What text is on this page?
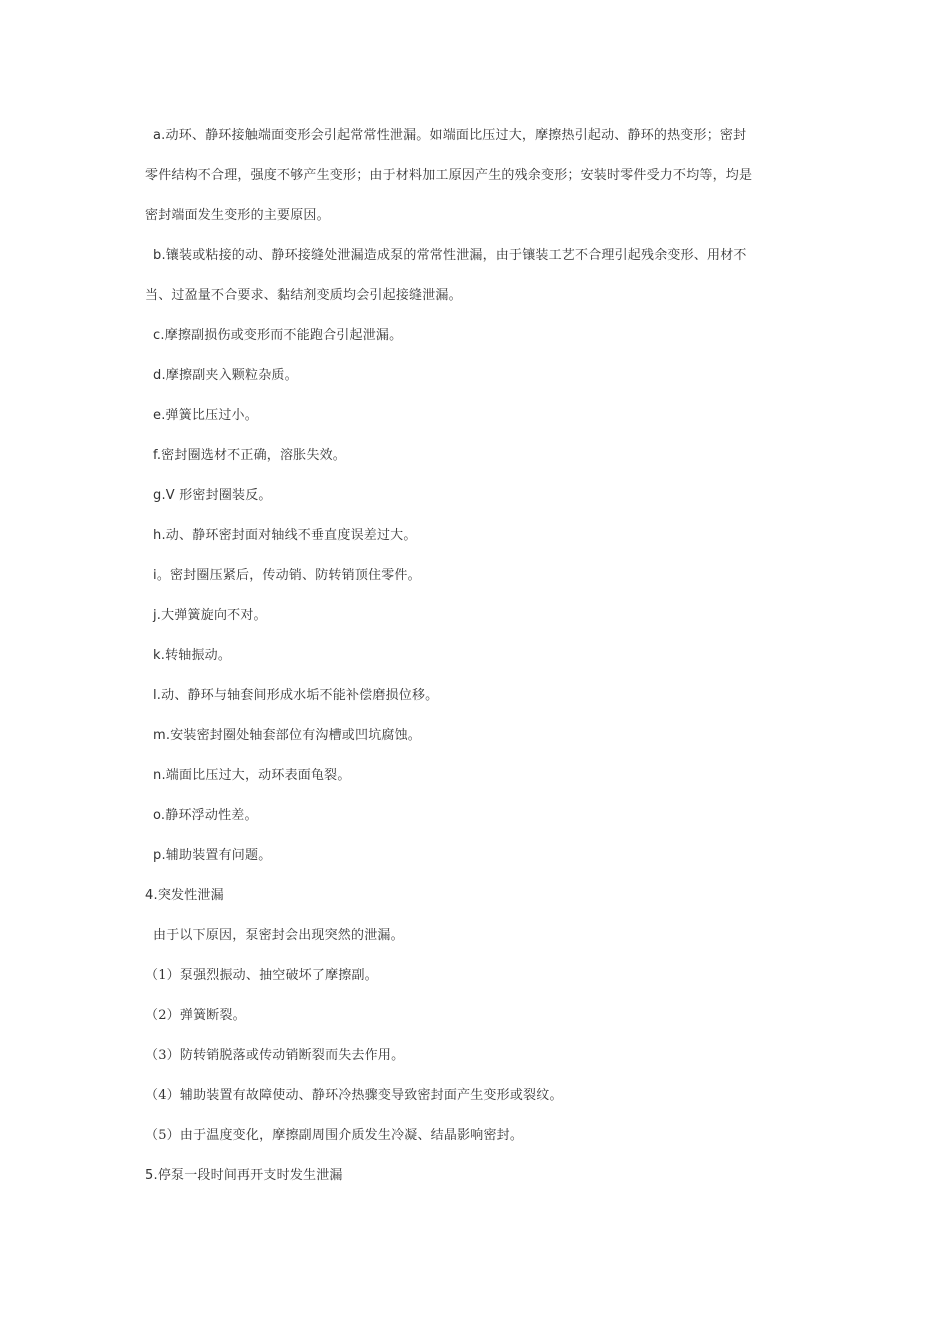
a.动环、静环接触端面变形会引起常常性泄漏。如端面比压过大，摩擦热引起动、静环的热变形；密封
零件结构不合理，强度不够产生变形；由于材料加工原因产生的残余变形；安装时零件受力不均等，均是
密封端面发生变形的主要原因。
b.镶装或粘接的动、静环接缝处泄漏造成泵的常常性泄漏，由于镶装工艺不合理引起残余变形、用材不
当、过盈量不合要求、黏结剂变质均会引起接缝泄漏。
c.摩擦副损伤或变形而不能跑合引起泄漏。
d.摩擦副夹入颗粒杂质。
e.弹簧比压过小。
f.密封圈选材不正确，溶胀失效。
g.V 形密封圈装反。
h.动、静环密封面对轴线不垂直度误差过大。
i。密封圈压紧后，传动销、防转销顶住零件。
j.大弹簧旋向不对。
k.转轴振动。
l.动、静环与轴套间形成水垢不能补偿磨损位移。
m.安装密封圈处轴套部位有沟槽或凹坑腐蚀。
n.端面比压过大，动环表面龟裂。
o.静环浮动性差。
p.辅助装置有问题。
4.突发性泄漏
由于以下原因，泵密封会出现突然的泄漏。
（1）泵强烈振动、抽空破坏了摩擦副。
（2）弹簧断裂。
（3）防转销脱落或传动销断裂而失去作用。
（4）辅助装置有故障使动、静环冷热骤变导致密封面产生变形或裂纹。
（5）由于温度变化，摩擦副周围介质发生冷凝、结晶影响密封。
5.停泵一段时间再开支时发生泄漏
